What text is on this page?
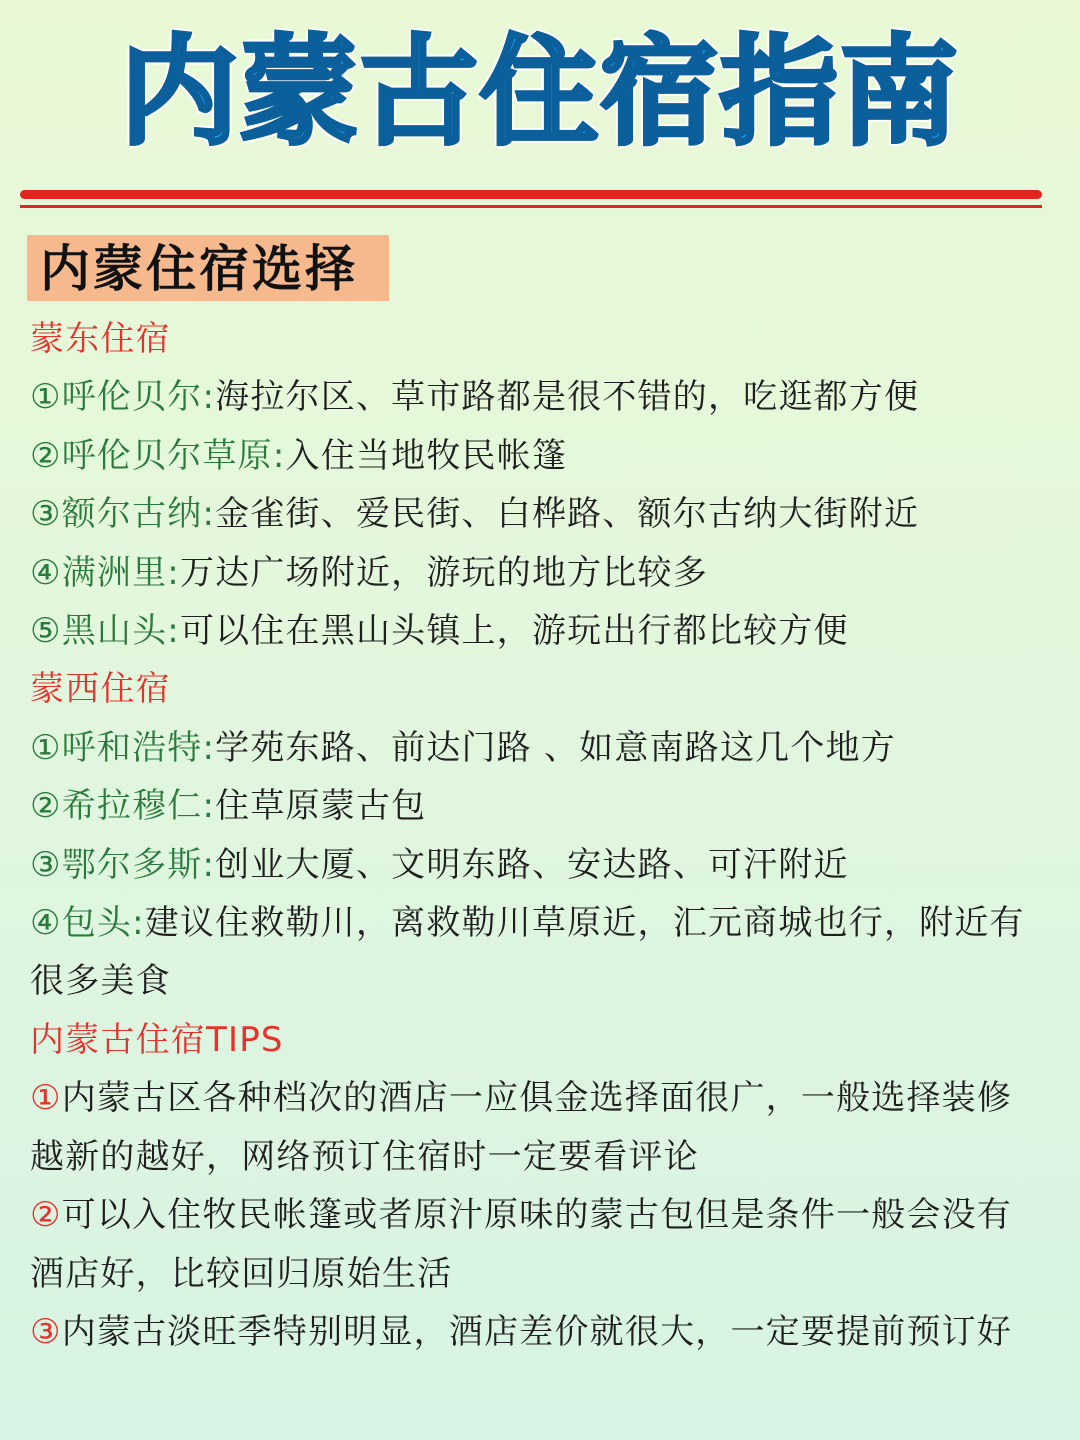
内蒙古住宿指南
内蒙住宿选择
蒙东住宿
①呼伦贝尔:海拉尔区、草市路都是很不错的，吃逛都方便
②呼伦贝尔草原:入住当地牧民帐篷
③额尔古纳:金雀街、爱民街、白桦路、额尔古纳大街附近
④满洲里:万达广场附近，游玩的地方比较多
⑤黑山头:可以住在黑山头镇上，游玩出行都比较方便
蒙西住宿
①呼和浩特:学苑东路、前达门路 、如意南路这几个地方
②希拉穆仁:住草原蒙古包
③鄂尔多斯:创业大厦、文明东路、安达路、可汗附近
④包头:建议住救勒川，离救勒川草原近，汇元商城也行，附近有很多美食
内蒙古住宿TIPS
①内蒙古区各种档次的酒店一应俱金选择面很广，一般选择装修越新的越好，网络预订住宿时一定要看评论
②可以入住牧民帐篷或者原汁原味的蒙古包但是条件一般会没有酒店好，比较回归原始生活
③内蒙古淡旺季特别明显，酒店差价就很大，一定要提前预订好
